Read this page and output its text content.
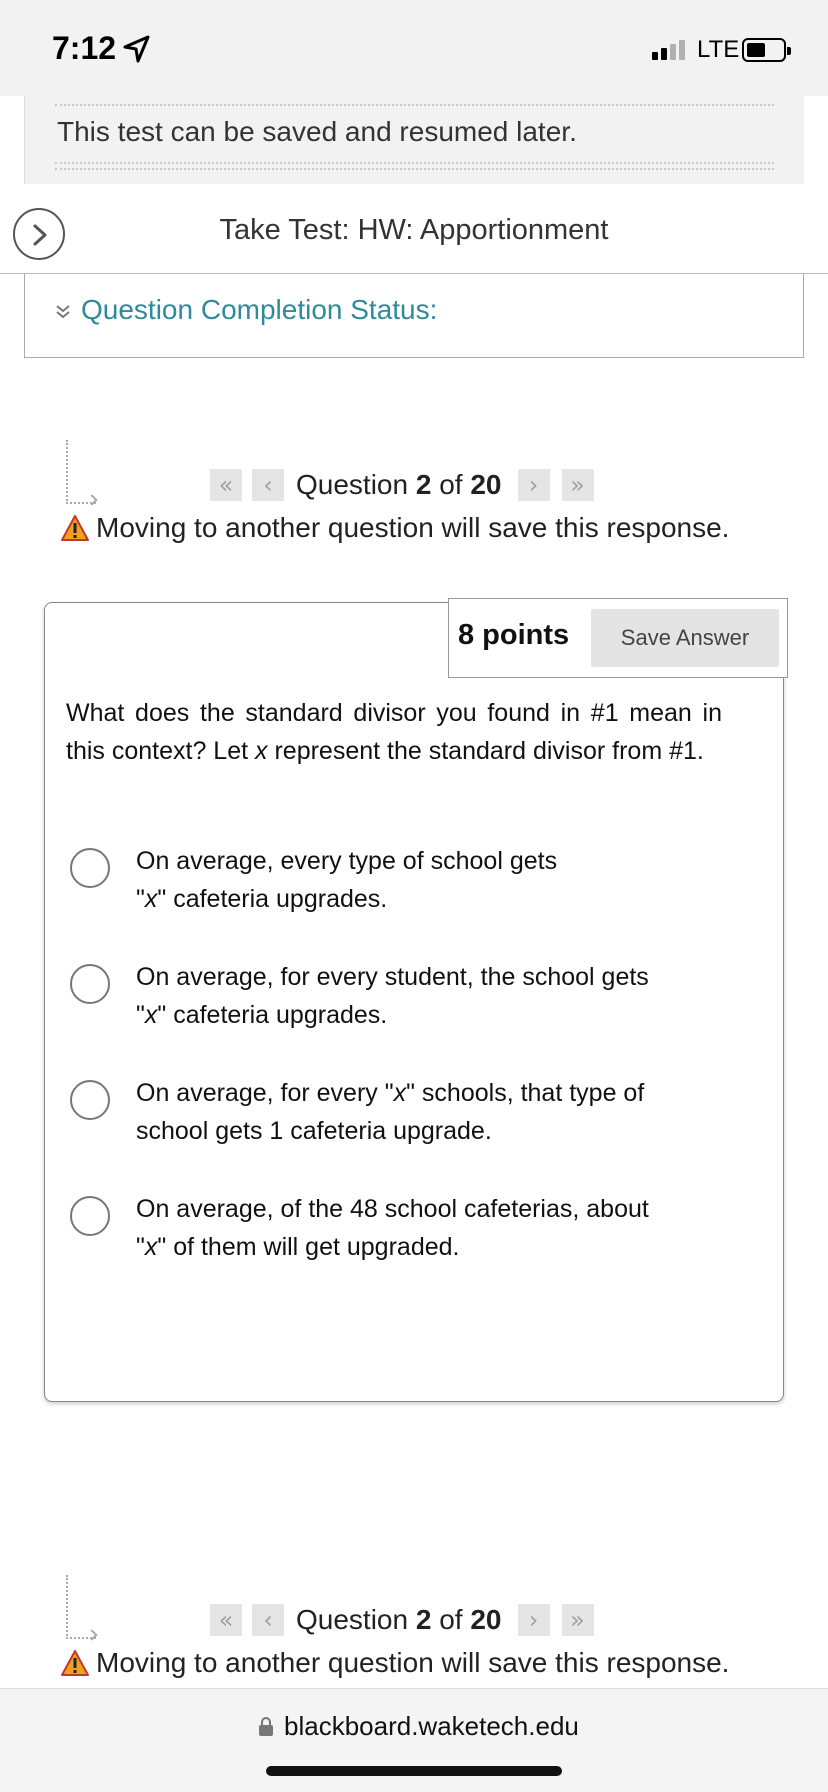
7:12	LTE
This test can be saved and resumed later.
Take Test: HW: Apportionment
Question Completion Status:
«	‹ Question 2 of 20	›	»
Moving to another question will save this response.
8 points	Save Answer
What does the standard divisor you found in #1 mean in this context? Let x represent the standard divisor from #1.
On average, every type of school gets
"x" cafeteria upgrades.
On average, for every student, the school gets
"x" cafeteria upgrades.
On average, for every "x" schools, that type of
school gets 1 cafeteria upgrade.
On average, of the 48 school cafeterias, about
"x" of them will get upgraded.
«	‹ Question 2 of 20	›	»
Moving to another question will save this response.
blackboard.waketech.edu
